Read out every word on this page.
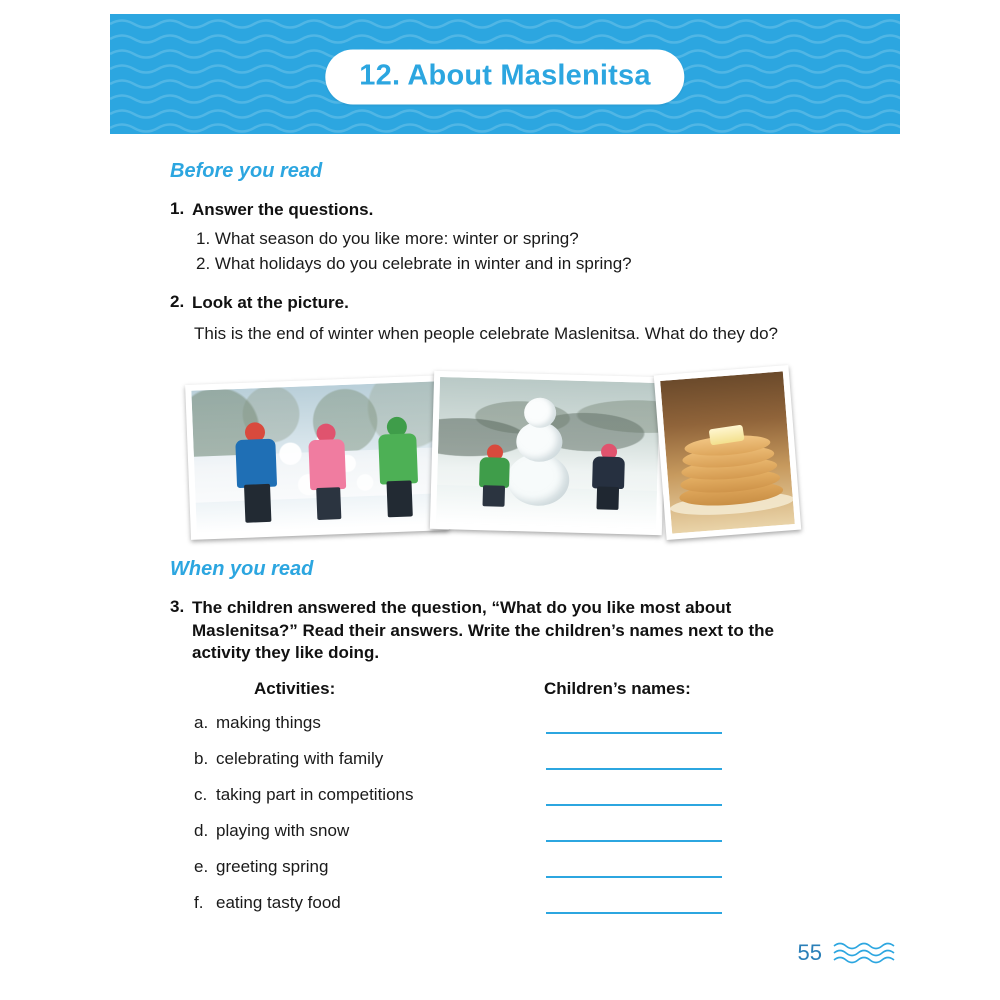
12. About Maslenitsa
Before you read
1. Answer the questions.
1. What season do you like more: winter or spring?
2. What holidays do you celebrate in winter and in spring?
2. Look at the picture.
This is the end of winter when people celebrate Maslenitsa. What do they do?
When you read
3. The children answered the question, “What do you like most about Maslenitsa?” Read their answers. Write the children’s names next to the activity they like doing.
Activities:	Children’s names:
a. making things
b. celebrating with family
c. taking part in competitions
d. playing with snow
e. greeting spring
f. eating tasty food
55
